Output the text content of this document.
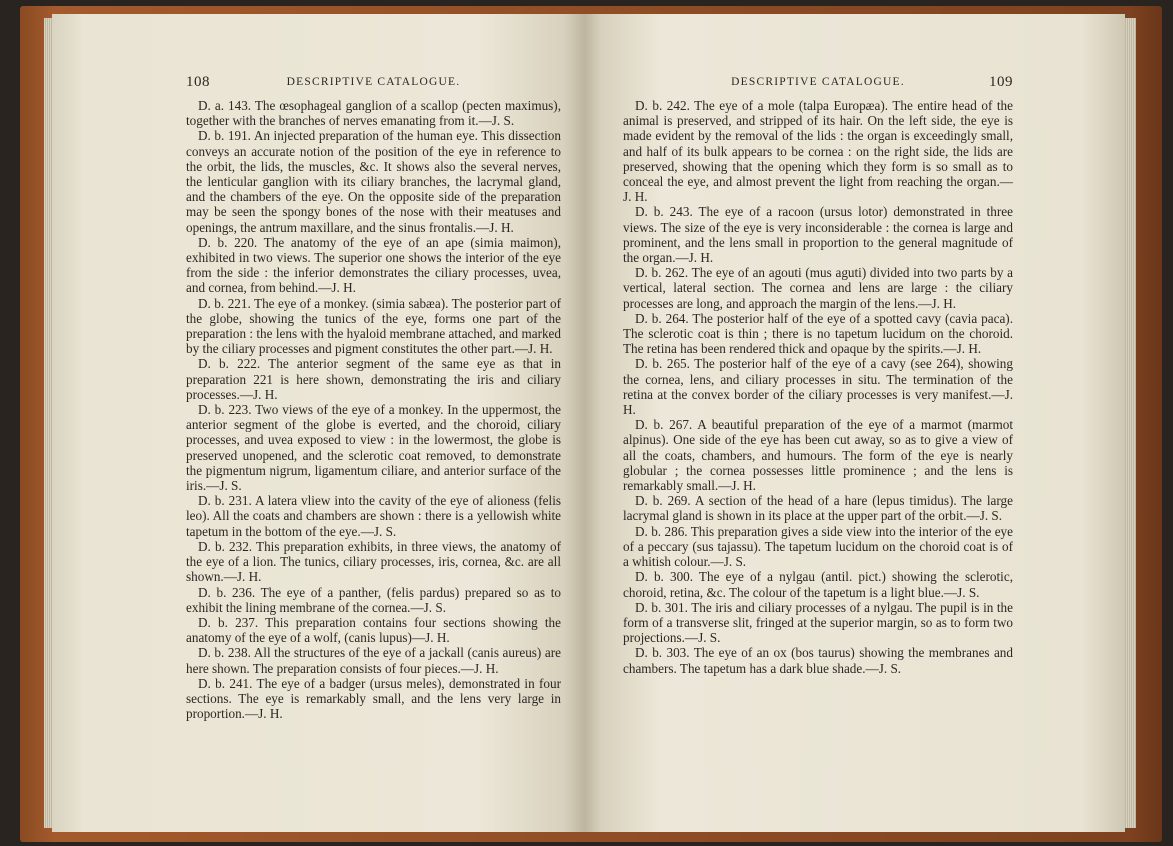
108	DESCRIPTIVE CATALOGUE.

D. a. 143. The œsophageal ganglion of a scallop (pecten maximus), together with the branches of nerves emanating from it.—J. S.

D. b. 191. An injected preparation of the human eye. This dissection conveys an accurate notion of the position of the eye in reference to the orbit, the lids, the muscles, &c. It shows also the several nerves, the lenticular ganglion with its ciliary branches, the lacrymal gland, and the chambers of the eye. On the opposite side of the preparation may be seen the spongy bones of the nose with their meatuses and openings, the antrum maxillare, and the sinus frontalis.—J. H.

D. b. 220. The anatomy of the eye of an ape (simia maimon), exhibited in two views. The superior one shows the interior of the eye from the side : the inferior demonstrates the ciliary processes, uvea, and cornea, from behind.—J. H.

D. b. 221. The eye of a monkey. (simia sabæa). The posterior part of the globe, showing the tunics of the eye, forms one part of the preparation : the lens with the hyaloid membrane attached, and marked by the ciliary processes and pigment constitutes the other part.—J. H.

D. b. 222. The anterior segment of the same eye as that in preparation 221 is here shown, demonstrating the iris and ciliary processes.—J. H.

D. b. 223. Two views of the eye of a monkey. In the uppermost, the anterior segment of the globe is everted, and the choroid, ciliary processes, and uvea exposed to view : in the lowermost, the globe is preserved unopened, and the sclerotic coat removed, to demonstrate the pigmentum nigrum, ligamentum ciliare, and anterior surface of the iris.—J. S.

D. b. 231. A latera vliew into the cavity of the eye of alioness (felis leo). All the coats and chambers are shown : there is a yellowish white tapetum in the bottom of the eye.—J. S.

D. b. 232. This preparation exhibits, in three views, the anatomy of the eye of a lion. The tunics, ciliary processes, iris, cornea, &c. are all shown.—J. H.

D. b. 236. The eye of a panther, (felis pardus) prepared so as to exhibit the lining membrane of the cornea.—J. S.

D. b. 237. This preparation contains four sections showing the anatomy of the eye of a wolf, (canis lupus)—J. H.

D. b. 238. All the structures of the eye of a jackall (canis aureus) are here shown. The preparation consists of four pieces.—J. H.

D. b. 241. The eye of a badger (ursus meles), demonstrated in four sections. The eye is remarkably small, and the lens very large in proportion.—J. H.

DESCRIPTIVE CATALOGUE.	109

D. b. 242. The eye of a mole (talpa Europæa). The entire head of the animal is preserved, and stripped of its hair. On the left side, the eye is made evident by the removal of the lids : the organ is exceedingly small, and half of its bulk appears to be cornea : on the right side, the lids are preserved, showing that the opening which they form is so small as to conceal the eye, and almost prevent the light from reaching the organ.—J. H.

D. b. 243. The eye of a racoon (ursus lotor) demonstrated in three views. The size of the eye is very inconsiderable : the cornea is large and prominent, and the lens small in proportion to the general magnitude of the organ.—J. H.

D. b. 262. The eye of an agouti (mus aguti) divided into two parts by a vertical, lateral section. The cornea and lens are large : the ciliary processes are long, and approach the margin of the lens.—J. H.

D. b. 264. The posterior half of the eye of a spotted cavy (cavia paca). The sclerotic coat is thin ; there is no tapetum lucidum on the choroid. The retina has been rendered thick and opaque by the spirits.—J. H.

D. b. 265. The posterior half of the eye of a cavy (see 264), showing the cornea, lens, and ciliary processes in situ. The termination of the retina at the convex border of the ciliary processes is very manifest.—J. H.

D. b. 267. A beautiful preparation of the eye of a marmot (marmot alpinus). One side of the eye has been cut away, so as to give a view of all the coats, chambers, and humours. The form of the eye is nearly globular ; the cornea possesses little prominence ; and the lens is remarkably small.—J. H.

D. b. 269. A section of the head of a hare (lepus timidus). The large lacrymal gland is shown in its place at the upper part of the orbit.—J. S.

D. b. 286. This preparation gives a side view into the interior of the eye of a peccary (sus tajassu). The tapetum lucidum on the choroid coat is of a whitish colour.—J. S.

D. b. 300. The eye of a nylgau (antil. pict.) showing the sclerotic, choroid, retina, &c. The colour of the tapetum is a light blue.—J. S.

D. b. 301. The iris and ciliary processes of a nylgau. The pupil is in the form of a transverse slit, fringed at the superior margin, so as to form two projections.—J. S.

D. b. 303. The eye of an ox (bos taurus) showing the membranes and chambers. The tapetum has a dark blue shade.—J. S.
